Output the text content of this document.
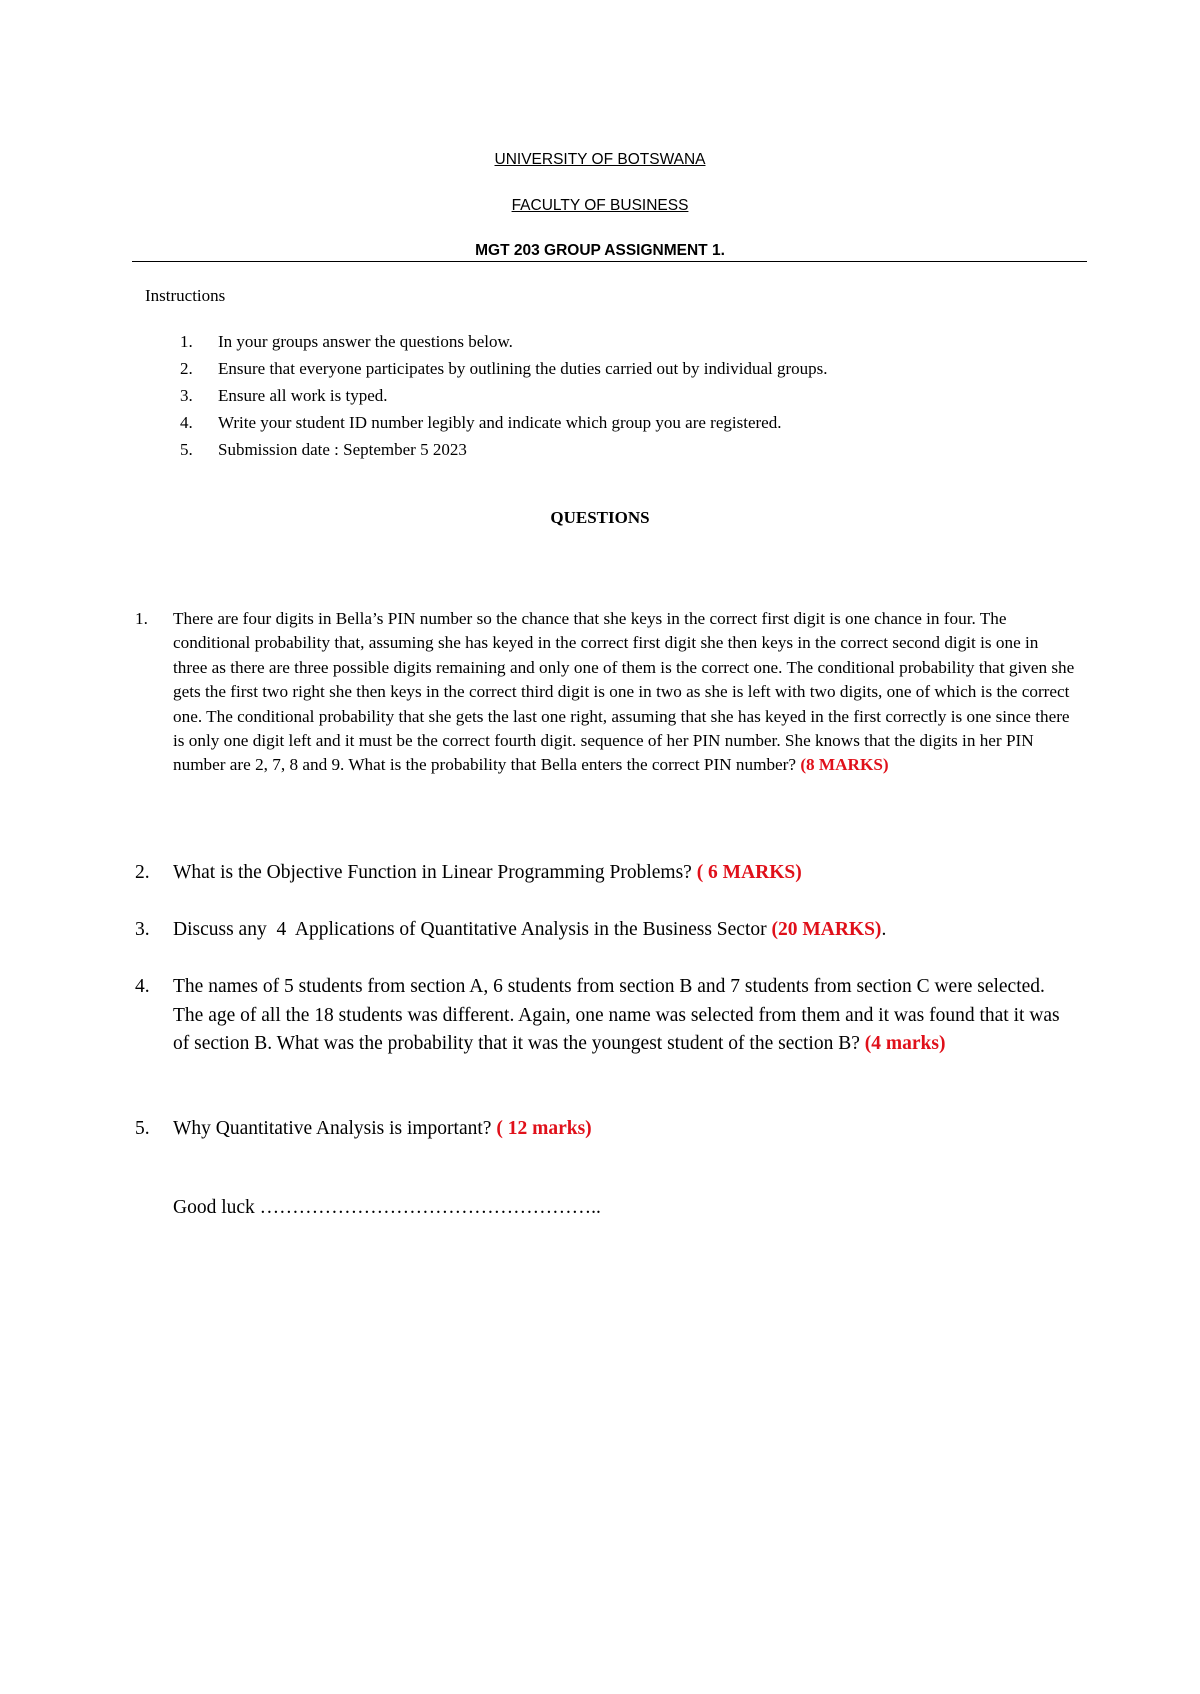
UNIVERSITY OF BOTSWANA
FACULTY OF BUSINESS
MGT 203 GROUP ASSIGNMENT 1.
Instructions
1. In your groups answer the questions below.
2. Ensure that everyone participates by outlining the duties carried out by individual groups.
3. Ensure all work is typed.
4. Write your student ID number legibly and indicate which group you are registered.
5. Submission date : September 5 2023
QUESTIONS
1. There are four digits in Bella’s PIN number so the chance that she keys in the correct first digit is one chance in four. The conditional probability that, assuming she has keyed in the correct first digit she then keys in the correct second digit is one in three as there are three possible digits remaining and only one of them is the correct one. The conditional probability that given she gets the first two right she then keys in the correct third digit is one in two as she is left with two digits, one of which is the correct one. The conditional probability that she gets the last one right, assuming that she has keyed in the first correctly is one since there is only one digit left and it must be the correct fourth digit. sequence of her PIN number. She knows that the digits in her PIN number are 2, 7, 8 and 9. What is the probability that Bella enters the correct PIN number? (8 MARKS)
2. What is the Objective Function in Linear Programming Problems? ( 6 MARKS)
3. Discuss any  4  Applications of Quantitative Analysis in the Business Sector (20 MARKS).
4. The names of 5 students from section A, 6 students from section B and 7 students from section C were selected. The age of all the 18 students was different. Again, one name was selected from them and it was found that it was of section B. What was the probability that it was the youngest student of the section B? (4 marks)
5. Why Quantitative Analysis is important? ( 12 marks)
Good luck ……………………………………………..
